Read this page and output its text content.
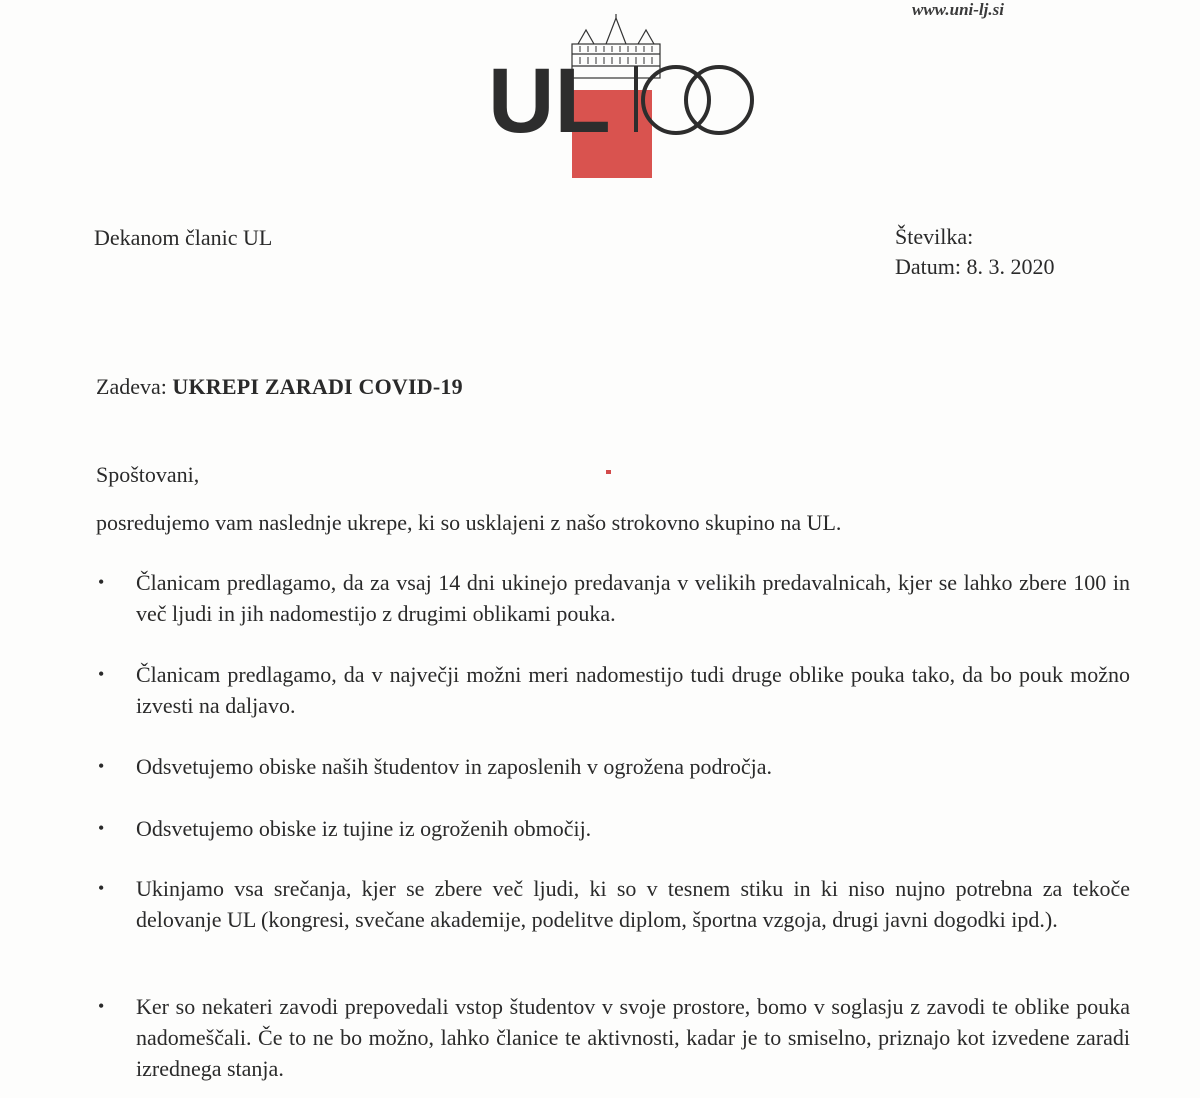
www.uni-lj.si
UL
Dekanom članic UL	Številka:
Datum: 8. 3. 2020
Zadeva: UKREPI ZARADI COVID-19
Spoštovani,
posredujemo vam naslednje ukrepe, ki so usklajeni z našo strokovno skupino na UL.
• Članicam predlagamo, da za vsaj 14 dni ukinejo predavanja v velikih predavalnicah, kjer se lahko zbere 100 in več ljudi in jih nadomestijo z drugimi oblikami pouka.
• Članicam predlagamo, da v največji možni meri nadomestijo tudi druge oblike pouka tako, da bo pouk možno izvesti na daljavo.
• Odsvetujemo obiske naših študentov in zaposlenih v ogrožena področja.
• Odsvetujemo obiske iz tujine iz ogroženih območij.
• Ukinjamo vsa srečanja, kjer se zbere več ljudi, ki so v tesnem stiku in ki niso nujno potrebna za tekoče delovanje UL (kongresi, svečane akademije, podelitve diplom, športna vzgoja, drugi javni dogodki ipd.).
• Ker so nekateri zavodi prepovedali vstop študentov v svoje prostore, bomo v soglasju z zavodi te oblike pouka nadomeščali. Če to ne bo možno, lahko članice te aktivnosti, kadar je to smiselno, priznajo kot izvedene zaradi izrednega stanja.
